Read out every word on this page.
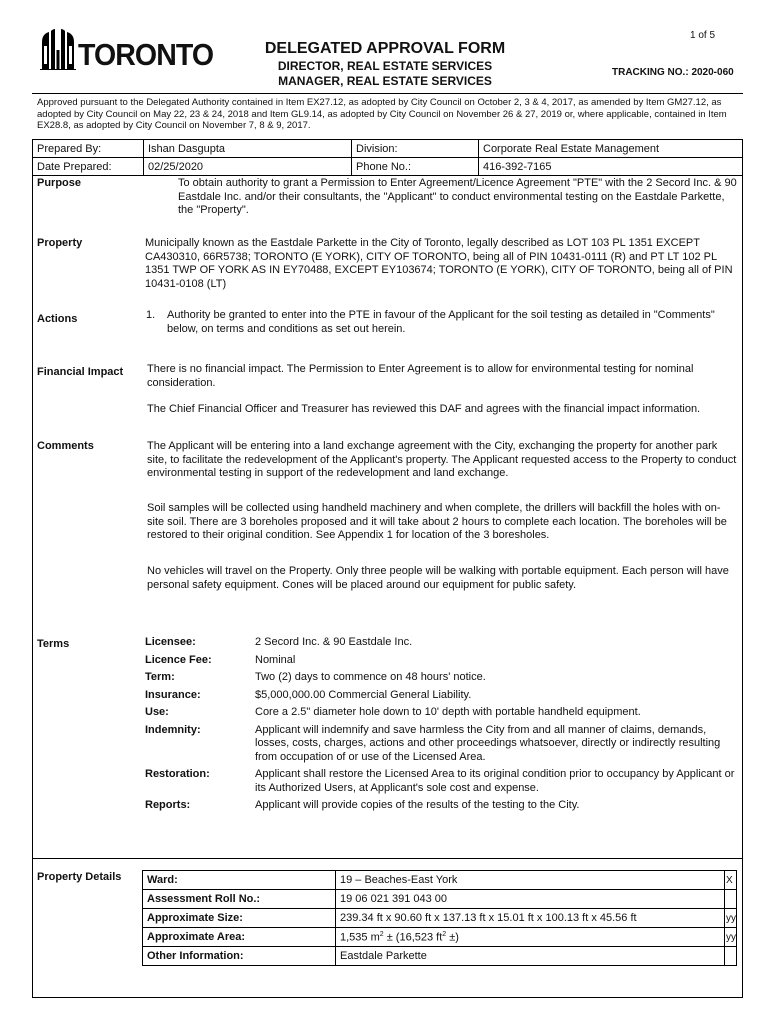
1 of 5
TORONTO	DELEGATED APPROVAL FORM
DIRECTOR, REAL ESTATE SERVICES
MANAGER, REAL ESTATE SERVICES
TRACKING NO.: 2020-060
Approved pursuant to the Delegated Authority contained in Item EX27.12, as adopted by City Council on October 2, 3 & 4, 2017, as amended by Item GM27.12, as adopted by City Council on May 22, 23 & 24, 2018 and Item GL9.14, as adopted by City Council on November 26 & 27, 2019 or, where applicable, contained in Item EX28.8, as adopted by City Council on November 7, 8 & 9, 2017.
Prepared By:	Ishan Dasgupta	Division:	Corporate Real Estate Management
Date Prepared:	02/25/2020	Phone No.:	416-392-7165
Purpose	To obtain authority to grant a Permission to Enter Agreement/Licence Agreement "PTE" with the 2 Secord Inc. & 90 Eastdale Inc. and/or their consultants, the "Applicant" to conduct environmental testing on the Eastdale Parkette, the "Property".
Property	Municipally known as the Eastdale Parkette in the City of Toronto, legally described as LOT 103 PL 1351 EXCEPT CA430310, 66R5738; TORONTO (E YORK), CITY OF TORONTO, being all of PIN 10431-0111 (R) and PT LT 102 PL 1351 TWP OF YORK AS IN EY70488, EXCEPT EY103674; TORONTO (E YORK), CITY OF TORONTO, being all of PIN 10431-0108 (LT)
Actions	1.	Authority be granted to enter into the PTE in favour of the Applicant for the soil testing as detailed in "Comments" below, on terms and conditions as set out herein.
Financial Impact There is no financial impact. The Permission to Enter Agreement is to allow for environmental testing for nominal consideration.
The Chief Financial Officer and Treasurer has reviewed this DAF and agrees with the financial impact information.
Comments	The Applicant will be entering into a land exchange agreement with the City, exchanging the property for another park site, to facilitate the redevelopment of the Applicant's property. The Applicant requested access to the Property to conduct environmental testing in support of the redevelopment and land exchange.
Soil samples will be collected using handheld machinery and when complete, the drillers will backfill the holes with on-site soil. There are 3 boreholes proposed and it will take about 2 hours to complete each location. The boreholes will be restored to their original condition. See Appendix 1 for location of the 3 boresholes.
No vehicles will travel on the Property. Only three people will be walking with portable equipment. Each person will have personal safety equipment. Cones will be placed around our equipment for public safety.
Terms	Licensee:	2 Secord Inc. & 90 Eastdale Inc.
Licence Fee:	Nominal
Term:	Two (2) days to commence on 48 hours' notice.
Insurance:	$5,000,000.00 Commercial General Liability.
Use:	Core a 2.5" diameter hole down to 10' depth with portable handheld equipment.
Indemnity:	Applicant will indemnify and save harmless the City from and all manner of claims, demands, losses, costs, charges, actions and other proceedings whatsoever, directly or indirectly resulting from occupation of or use of the Licensed Area.
Restoration:	Applicant shall restore the Licensed Area to its original condition prior to occupancy by Applicant or its Authorized Users, at Applicant's sole cost and expense.
Reports:	Applicant will provide copies of the results of the testing to the City.
Property Details Ward:	19 – Beaches-East York	X
Assessment Roll No.:	19 06 021 391 043 00	
Approximate Size:	239.34 ft x 90.60 ft x 137.13 ft x 15.01 ft x 100.13 ft x 45.56 ft	yy
Approximate Area:	1,535 $m^2 \pm (16,523$ $ft^2$ ±)	yy
Other Information:	Eastdale Parkette	
